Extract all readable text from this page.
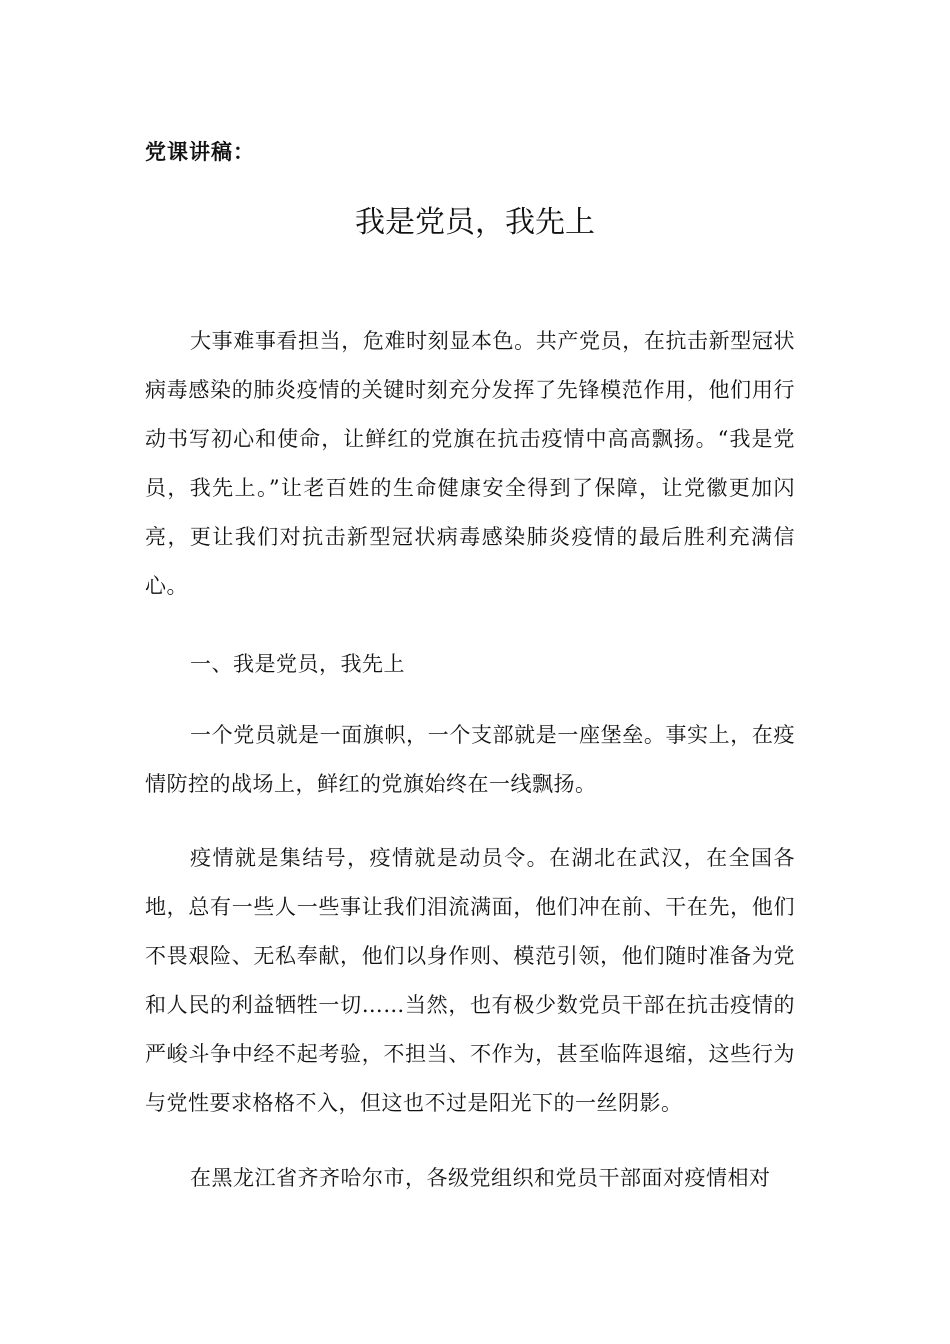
党课讲稿：
我是党员，我先上

大事难事看担当，危难时刻显本色。共产党员，在抗击新型冠状病毒感染的肺炎疫情的关键时刻充分发挥了先锋模范作用，他们用行动书写初心和使命，让鲜红的党旗在抗击疫情中高高飘扬。“我是党员，我先上。”让老百姓的生命健康安全得到了保障，让党徽更加闪亮，更让我们对抗击新型冠状病毒感染肺炎疫情的最后胜利充满信心。

一、我是党员，我先上

一个党员就是一面旗帜，一个支部就是一座堡垒。事实上，在疫情防控的战场上，鲜红的党旗始终在一线飘扬。

疫情就是集结号，疫情就是动员令。在湖北在武汉，在全国各地，总有一些人一些事让我们泪流满面，他们冲在前、干在先，他们不畏艰险、无私奉献，他们以身作则、模范引领，他们随时准备为党和人民的利益牺牲一切……当然，也有极少数党员干部在抗击疫情的严峻斗争中经不起考验，不担当、不作为，甚至临阵退缩，这些行为与党性要求格格不入，但这也不过是阳光下的一丝阴影。

在黑龙江省齐齐哈尔市，各级党组织和党员干部面对疫情相对
